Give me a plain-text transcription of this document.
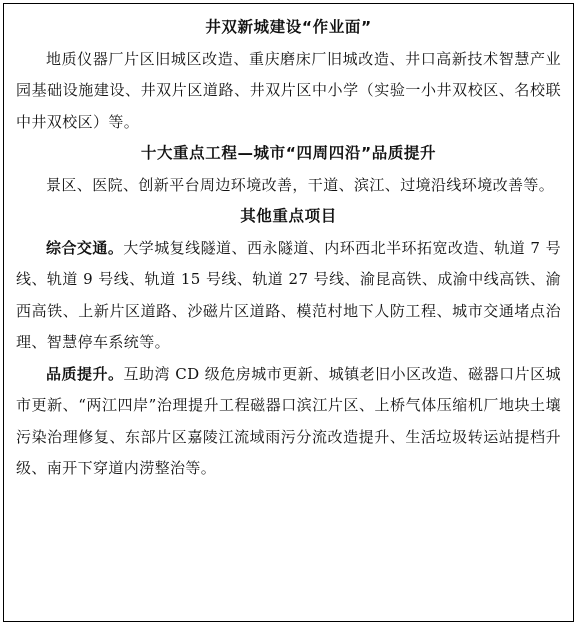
井双新城建设“作业面”

地质仪器厂片区旧城区改造、重庆磨床厂旧城改造、井口高新技术智慧产业园基础设施建设、井双片区道路、井双片区中小学（实验一小井双校区、名校联中井双校区）等。

十大重点工程—城市“四周四沿”品质提升

景区、医院、创新平台周边环境改善，干道、滨江、过境沿线环境改善等。

其他重点项目

综合交通。大学城复线隧道、西永隧道、内环西北半环拓宽改造、轨道 7 号线、轨道 9 号线、轨道 15 号线、轨道 27 号线、渝昆高铁、成渝中线高铁、渝西高铁、上新片区道路、沙磁片区道路、模范村地下人防工程、城市交通堵点治理、智慧停车系统等。

品质提升。互助湾 CD 级危房城市更新、城镇老旧小区改造、磁器口片区城市更新、“两江四岸”治理提升工程磁器口滨江片区、上桥气体压缩机厂地块土壤污染治理修复、东部片区嘉陵江流域雨污分流改造提升、生活垃圾转运站提档升级、南开下穿道内涝整治等。
